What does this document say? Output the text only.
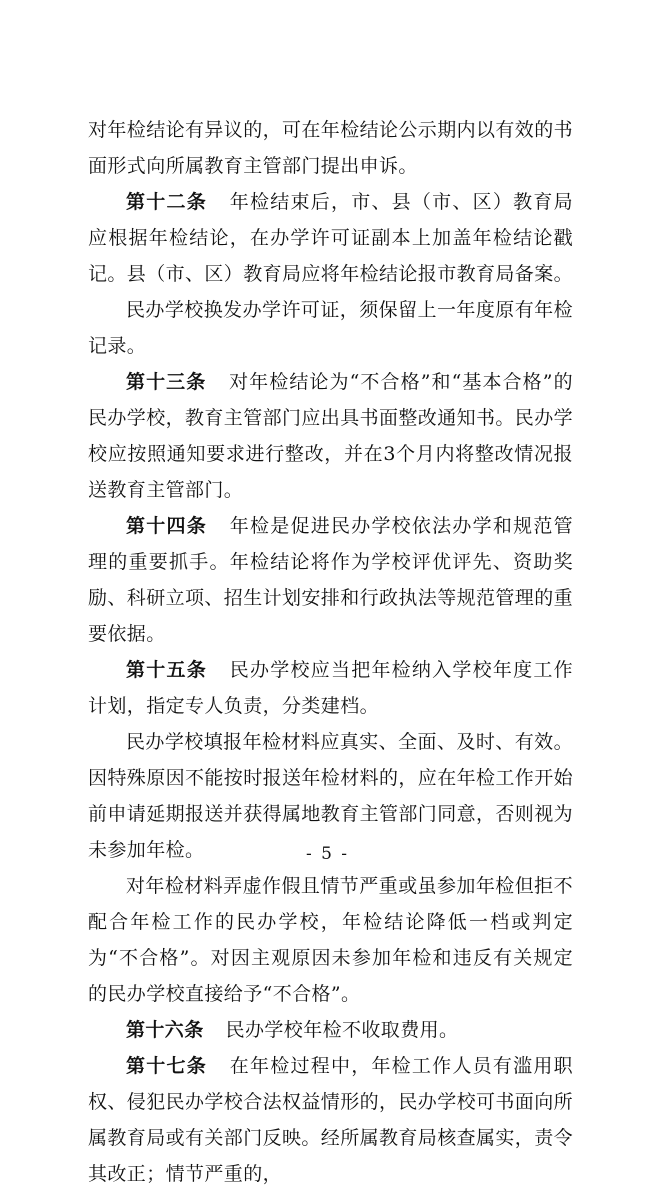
对年检结论有异议的，可在年检结论公示期内以有效的书面形式向所属教育主管部门提出申诉。

第十二条 年检结束后，市、县（市、区）教育局应根据年检结论，在办学许可证副本上加盖年检结论戳记。县（市、区）教育局应将年检结论报市教育局备案。

民办学校换发办学许可证，须保留上一年度原有年检记录。

第十三条 对年检结论为“不合格”和“基本合格”的民办学校，教育主管部门应出具书面整改通知书。民办学校应按照通知要求进行整改，并在3个月内将整改情况报送教育主管部门。

第十四条 年检是促进民办学校依法办学和规范管理的重要抓手。年检结论将作为学校评优评先、资助奖励、科研立项、招生计划安排和行政执法等规范管理的重要依据。

第十五条 民办学校应当把年检纳入学校年度工作计划，指定专人负责，分类建档。

民办学校填报年检材料应真实、全面、及时、有效。因特殊原因不能按时报送年检材料的，应在年检工作开始前申请延期报送并获得属地教育主管部门同意，否则视为未参加年检。

对年检材料弄虚作假且情节严重或虽参加年检但拒不配合年检工作的民办学校，年检结论降低一档或判定为“不合格”。对因主观原因未参加年检和违反有关规定的民办学校直接给予“不合格”。

第十六条 民办学校年检不收取费用。

第十七条 在年检过程中，年检工作人员有滥用职权、侵犯民办学校合法权益情形的，民办学校可书面向所属教育局或有关部门反映。经所属教育局核查属实，责令其改正；情节严重的，

- 5 -
